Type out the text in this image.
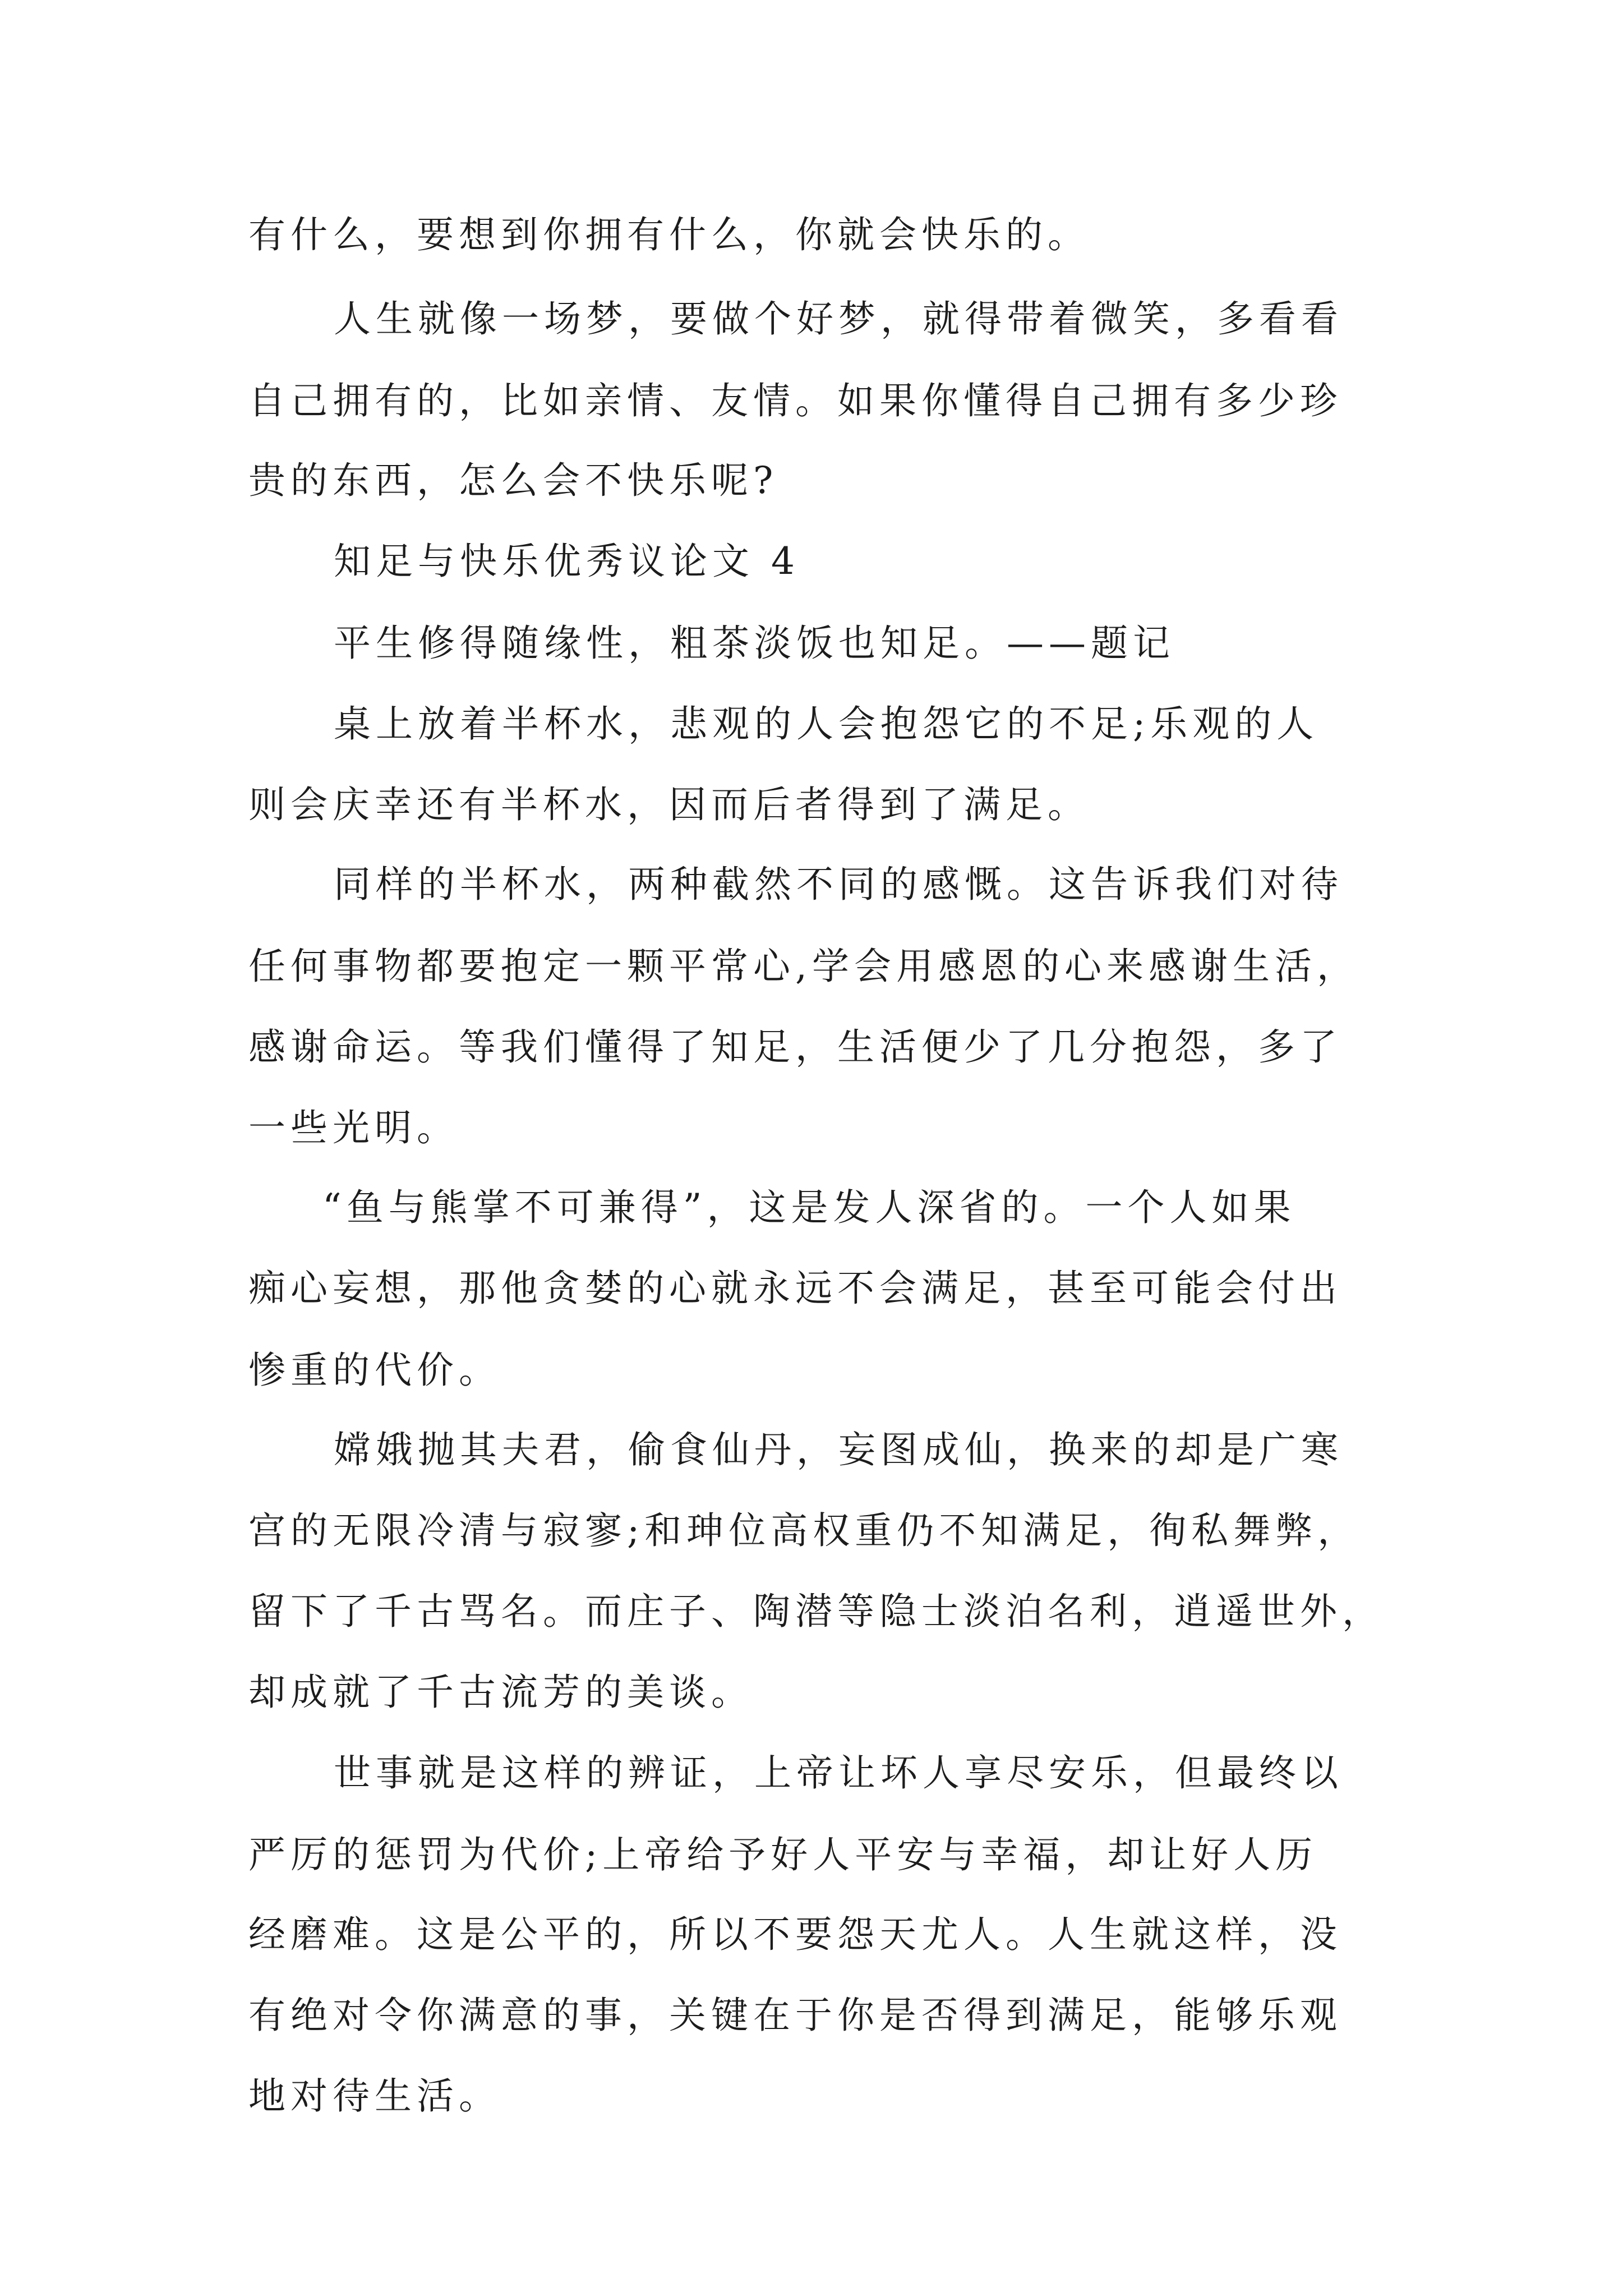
有什么，要想到你拥有什么，你就会快乐的。
人生就像一场梦，要做个好梦，就得带着微笑，多看看
自己拥有的，比如亲情、友情。如果你懂得自己拥有多少珍
贵的东西，怎么会不快乐呢?
知足与快乐优秀议论文 4
平生修得随缘性，粗茶淡饭也知足。——题记
桌上放着半杯水，悲观的人会抱怨它的不足;乐观的人
则会庆幸还有半杯水，因而后者得到了满足。
同样的半杯水，两种截然不同的感慨。这告诉我们对待
任何事物都要抱定一颗平常心,学会用感恩的心来感谢生活，
感谢命运。等我们懂得了知足，生活便少了几分抱怨，多了
一些光明。
“鱼与熊掌不可兼得”，这是发人深省的。一个人如果
痴心妄想，那他贪婪的心就永远不会满足，甚至可能会付出
惨重的代价。
嫦娥抛其夫君，偷食仙丹，妄图成仙，换来的却是广寒
宫的无限冷清与寂寥;和珅位高权重仍不知满足，徇私舞弊，
留下了千古骂名。而庄子、陶潜等隐士淡泊名利，逍遥世外，
却成就了千古流芳的美谈。
世事就是这样的辨证，上帝让坏人享尽安乐，但最终以
严厉的惩罚为代价;上帝给予好人平安与幸福，却让好人历
经磨难。这是公平的，所以不要怨天尤人。人生就这样，没
有绝对令你满意的事，关键在于你是否得到满足，能够乐观
地对待生活。
